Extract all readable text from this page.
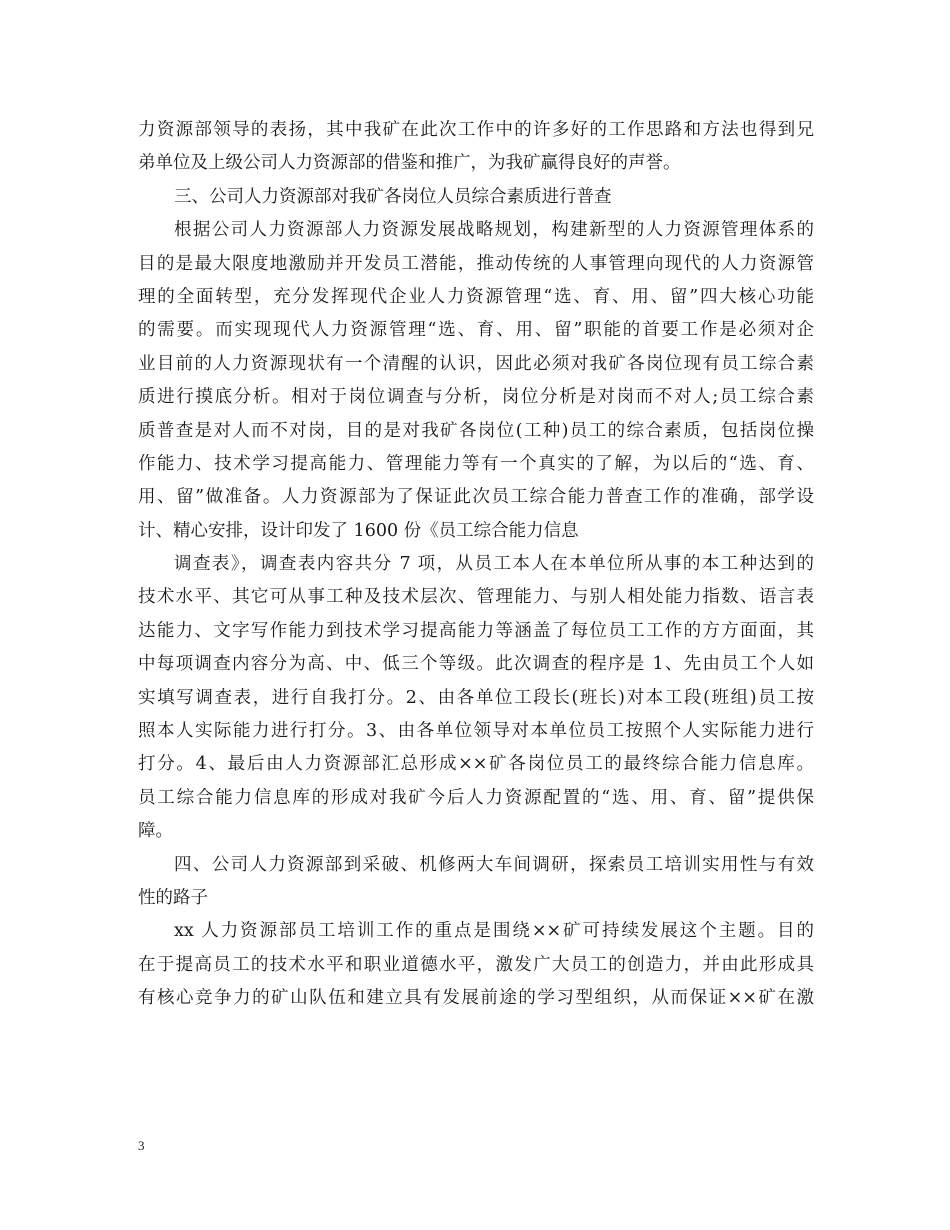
力资源部领导的表扬，其中我矿在此次工作中的许多好的工作思路和方法也得到兄
弟单位及上级公司人力资源部的借鉴和推广，为我矿赢得良好的声誉。
三、公司人力资源部对我矿各岗位人员综合素质进行普查
根据公司人力资源部人力资源发展战略规划，构建新型的人力资源管理体系的
目的是最大限度地激励并开发员工潜能，推动传统的人事管理向现代的人力资源管
理的全面转型，充分发挥现代企业人力资源管理“选、育、用、留”四大核心功能
的需要。而实现现代人力资源管理“选、育、用、留”职能的首要工作是必须对企
业目前的人力资源现状有一个清醒的认识，因此必须对我矿各岗位现有员工综合素
质进行摸底分析。相对于岗位调查与分析，岗位分析是对岗而不对人;员工综合素
质普查是对人而不对岗，目的是对我矿各岗位(工种)员工的综合素质，包括岗位操
作能力、技术学习提高能力、管理能力等有一个真实的了解，为以后的“选、育、
用、留”做准备。人力资源部为了保证此次员工综合能力普查工作的准确，部学设
计、精心安排，设计印发了 1600 份《员工综合能力信息
调查表》，调查表内容共分 7 项，从员工本人在本单位所从事的本工种达到的
技术水平、其它可从事工种及技术层次、管理能力、与别人相处能力指数、语言表
达能力、文字写作能力到技术学习提高能力等涵盖了每位员工工作的方方面面，其
中每项调查内容分为高、中、低三个等级。此次调查的程序是 1、先由员工个人如
实填写调查表，进行自我打分。2、由各单位工段长(班长)对本工段(班组)员工按
照本人实际能力进行打分。3、由各单位领导对本单位员工按照个人实际能力进行
打分。4、最后由人力资源部汇总形成××矿各岗位员工的最终综合能力信息库。
员工综合能力信息库的形成对我矿今后人力资源配置的“选、用、育、留”提供保
障。
四、公司人力资源部到采破、机修两大车间调研，探索员工培训实用性与有效
性的路子
xx 人力资源部员工培训工作的重点是围绕××矿可持续发展这个主题。目的
在于提高员工的技术水平和职业道德水平，激发广大员工的创造力，并由此形成具
有核心竞争力的矿山队伍和建立具有发展前途的学习型组织，从而保证××矿在激
3
